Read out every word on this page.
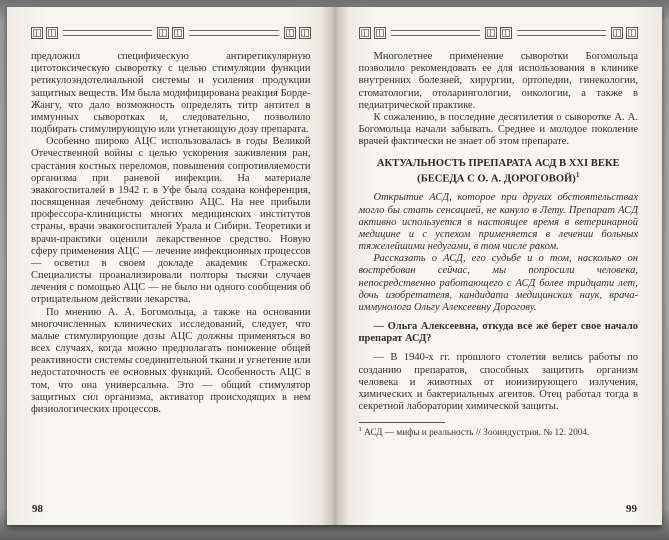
предложил специфическую антиретикулярную цитотоксическую сыворотку с целью стимуляции функции ретикулоэндотелиальной системы и усиления продукции защитных веществ. Им была модифицирована реакция Борде-Жангу, что дало возможность определять титр антител в иммунных сыворотках и, следовательно, позволило подбирать стимулирующую или угнетающую дозу препарата.

Особенно широко АЦС использовалась в годы Великой Отечественной войны с целью ускорения заживления ран, срастания костных переломов, повышения сопротивляемости организма при раневой инфекции. На материале эвакогоспиталей в 1942 г. в Уфе была создана конференция, посвященная лечебному действию АЦС. На нее прибыли профессора-клиницисты многих медицинских институтов страны, врачи эвакогоспиталей Урала и Сибири. Теоретики и врачи-практики оценили лекарственное средство. Новую сферу применения АЦС — лечение инфекционных процессов — осветил в своем докладе академик Стражеско. Специалисты проанализировали полторы тысячи случаев лечения с помощью АЦС — не было ни одного сообщения об отрицательном действии лекарства.

По мнению А. А. Богомольца, а также на основании многочисленных клинических исследований, следует, что малые стимулирующие дозы АЦС должны применяться во всех случаях, когда можно предполагать понижение общей реактивности системы соединительной ткани и угнетение или недостаточность ее основных функций. Особенность АЦС в том, что она универсальна. Это — общий стимулятор защитных сил организма, активатор происходящих в нем физиологических процессов.

98

Многолетнее применение сыворотки Богомольца позволило рекомендовать ее для использования в клинике внутренних болезней, хирургии, ортопедии, гинекологии, стоматологии, отоларингологии, онкологии, а также в педиатрической практике.

К сожалению, в последние десятилетия о сыворотке А. А. Богомольца начали забывать. Среднее и молодое поколение врачей фактически не знает об этом препарате.

АКТУАЛЬНОСТЬ ПРЕПАРАТА АСД В XXI ВЕКЕ
(БЕСЕДА С О. А. ДОРОГОВОЙ)$^1$

Открытие АСД, которое при других обстоятельствах могло бы стать сенсацией, не кануло в Лету. Препарат АСД активно используется в настоящее время в ветеринарной медицине и с успехом применяется в лечении больных тяжелейшими недугами, в том числе раком.

Рассказать о АСД, его судьбе и о том, насколько он востребован сейчас, мы попросили человека, непосредственно работающего с АСД более тридцати лет, дочь изобретателя, кандидата медицинских наук, врача-иммунолога Ольгу Алексеевну Дорогову.

— Ольга Алексеевна, откуда все же берет свое начало препарат АСД?

— В 1940-х гг. прошлого столетия велись работы по созданию препаратов, способных защитить организм человека и животных от ионизирующего излучения, химических и бактериальных агентов. Отец работал тогда в секретной лаборатории химической защиты.

$^1$ АСД — мифы и реальность // Зооиндустрия. № 12. 2004.

99
